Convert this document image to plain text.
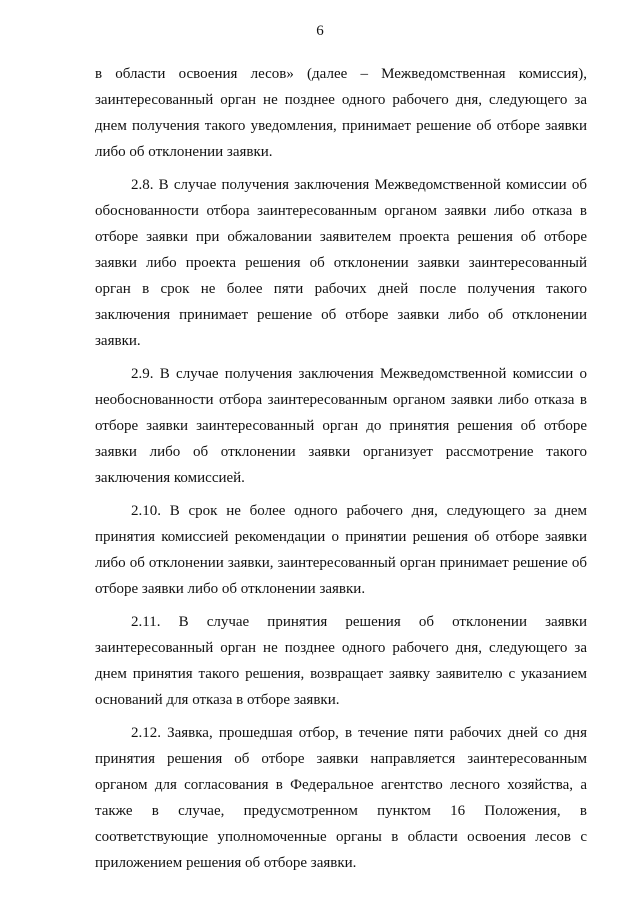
6

в области освоения лесов» (далее – Межведомственная комиссия), заинтересованный орган не позднее одного рабочего дня, следующего за днем получения такого уведомления, принимает решение об отборе заявки либо об отклонении заявки.

2.8. В случае получения заключения Межведомственной комиссии об обоснованности отбора заинтересованным органом заявки либо отказа в отборе заявки при обжаловании заявителем проекта решения об отборе заявки либо проекта решения об отклонении заявки заинтересованный орган в срок не более пяти рабочих дней после получения такого заключения принимает решение об отборе заявки либо об отклонении заявки.

2.9. В случае получения заключения Межведомственной комиссии о необоснованности отбора заинтересованным органом заявки либо отказа в отборе заявки заинтересованный орган до принятия решения об отборе заявки либо об отклонении заявки организует рассмотрение такого заключения комиссией.

2.10. В срок не более одного рабочего дня, следующего за днем принятия комиссией рекомендации о принятии решения об отборе заявки либо об отклонении заявки, заинтересованный орган принимает решение об отборе заявки либо об отклонении заявки.

2.11. В случае принятия решения об отклонении заявки заинтересованный орган не позднее одного рабочего дня, следующего за днем принятия такого решения, возвращает заявку заявителю с указанием оснований для отказа в отборе заявки.

2.12. Заявка, прошедшая отбор, в течение пяти рабочих дней со дня принятия решения об отборе заявки направляется заинтересованным органом для согласования в Федеральное агентство лесного хозяйства, а также в случае, предусмотренном пунктом 16 Положения, в соответствующие уполномоченные органы в области освоения лесов с приложением решения об отборе заявки.
